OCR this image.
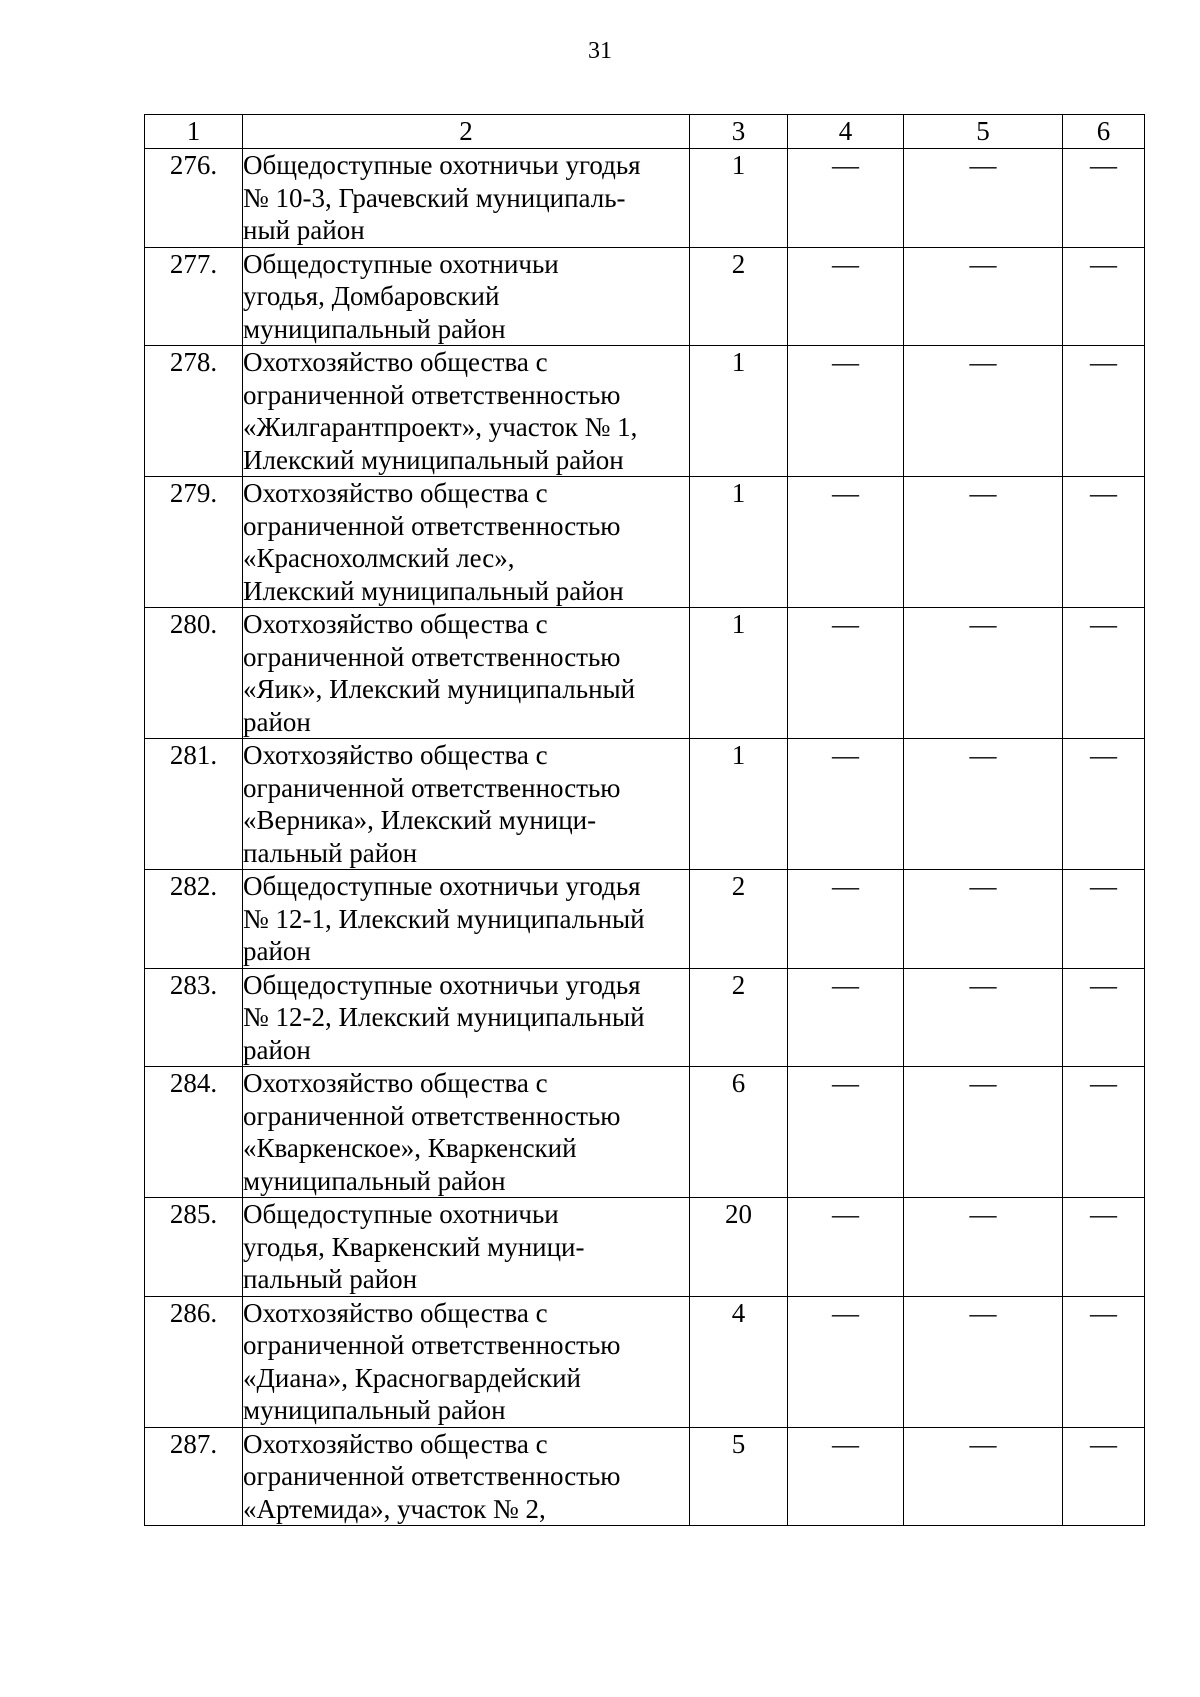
31
1	2	3	4	5	6
276.	Общедоступные охотничьи угодья
№ 10-3, Грачевский муниципаль-
ный район	1	—	—	—
277.	Общедоступные охотничьи
угодья, Домбаровский
муниципальный район	2	—	—	—
278.	Охотхозяйство общества с
ограниченной ответственностью
«Жилгарантпроект», участок № 1,
Илекский муниципальный район	1	—	—	—
279.	Охотхозяйство общества с
ограниченной ответственностью
«Краснохолмский лес»,
Илекский муниципальный район	1	—	—	—
280.	Охотхозяйство общества с
ограниченной ответственностью
«Яик», Илекский муниципальный
район	1	—	—	—
281.	Охотхозяйство общества с
ограниченной ответственностью
«Верника», Илекский муници-
пальный район	1	—	—	—
282.	Общедоступные охотничьи угодья
№ 12-1, Илекский муниципальный
район	2	—	—	—
283.	Общедоступные охотничьи угодья
№ 12-2, Илекский муниципальный
район	2	—	—	—
284.	Охотхозяйство общества с
ограниченной ответственностью
«Кваркенское», Кваркенский
муниципальный район	6	—	—	—
285.	Общедоступные охотничьи
угодья, Кваркенский муници-
пальный район	20	—	—	—
286.	Охотхозяйство общества с
ограниченной ответственностью
«Диана», Красногвардейский
муниципальный район	4	—	—	—
287.	Охотхозяйство общества с
ограниченной ответственностью
«Артемида», участок № 2,	5	—	—	—
